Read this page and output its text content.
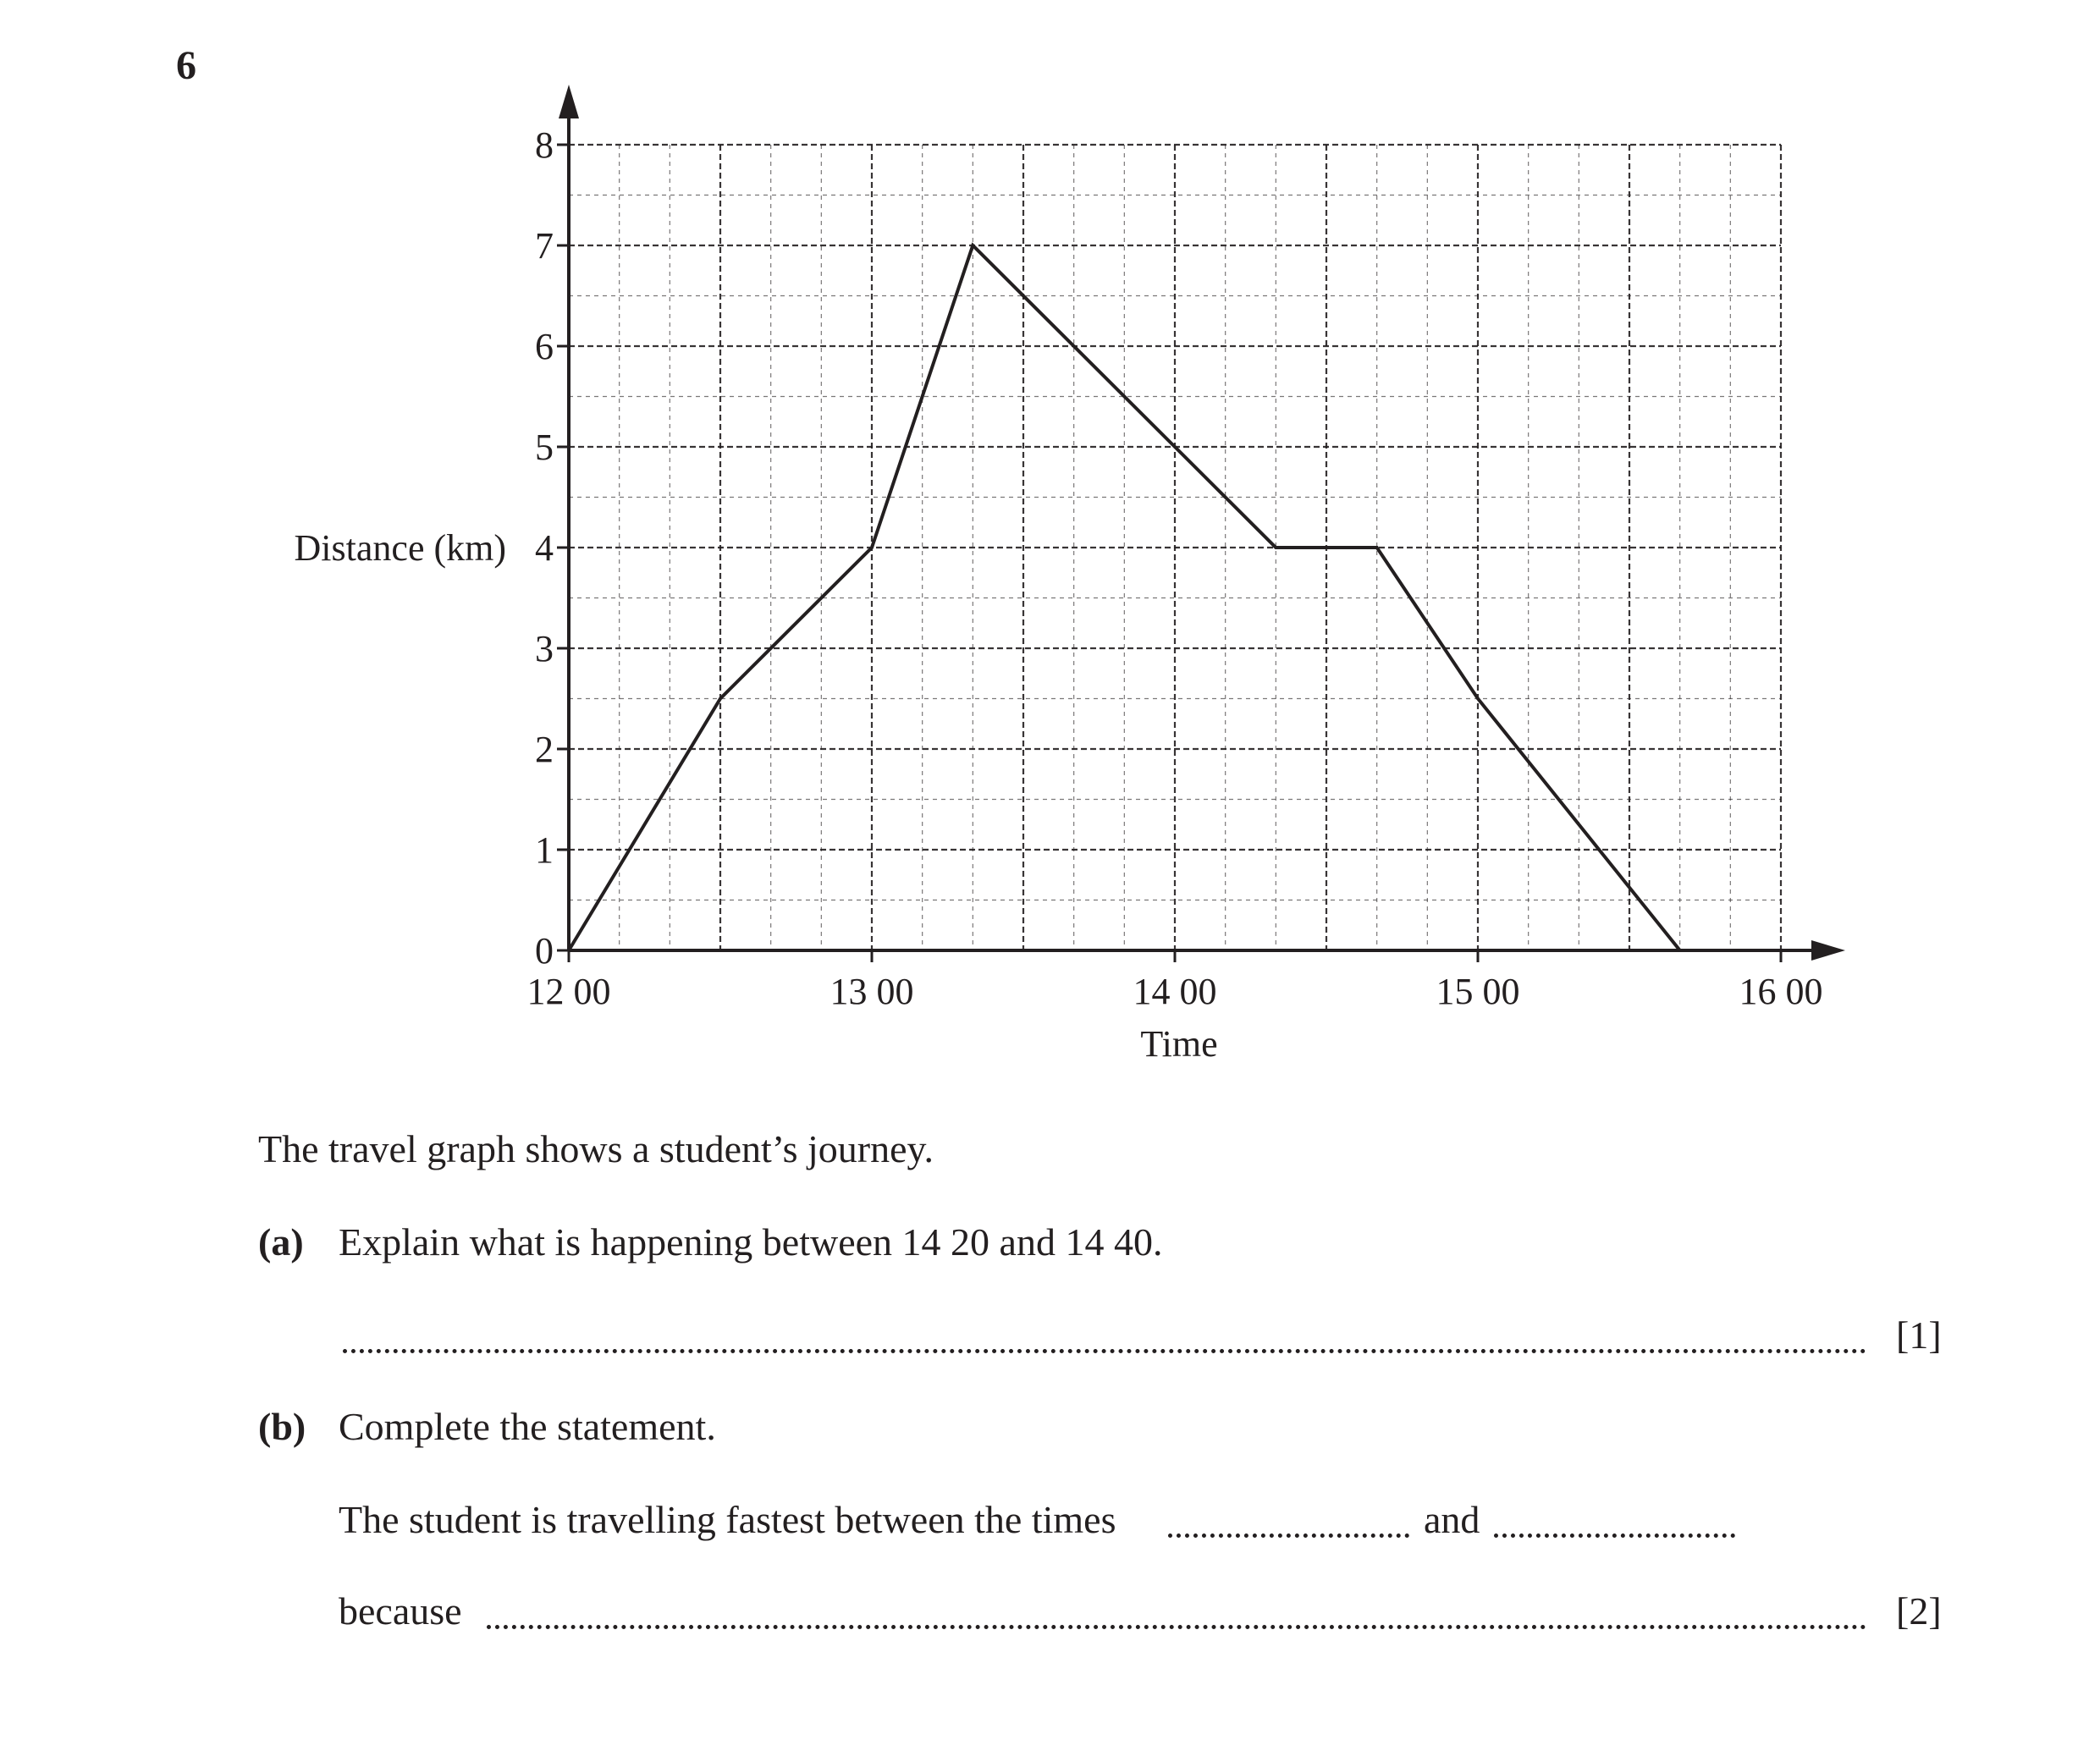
6
0
1
2
3
4
5
6
7
8
12 00	13 00	14 00	15 00	16 00
Distance (km)
Time
The travel graph shows a student’s journey.
(a) Explain what is happening between 14 20 and 14 40.
[1]
(b) Complete the statement.
The student is travelling fastest between the times	and
because	[2]
